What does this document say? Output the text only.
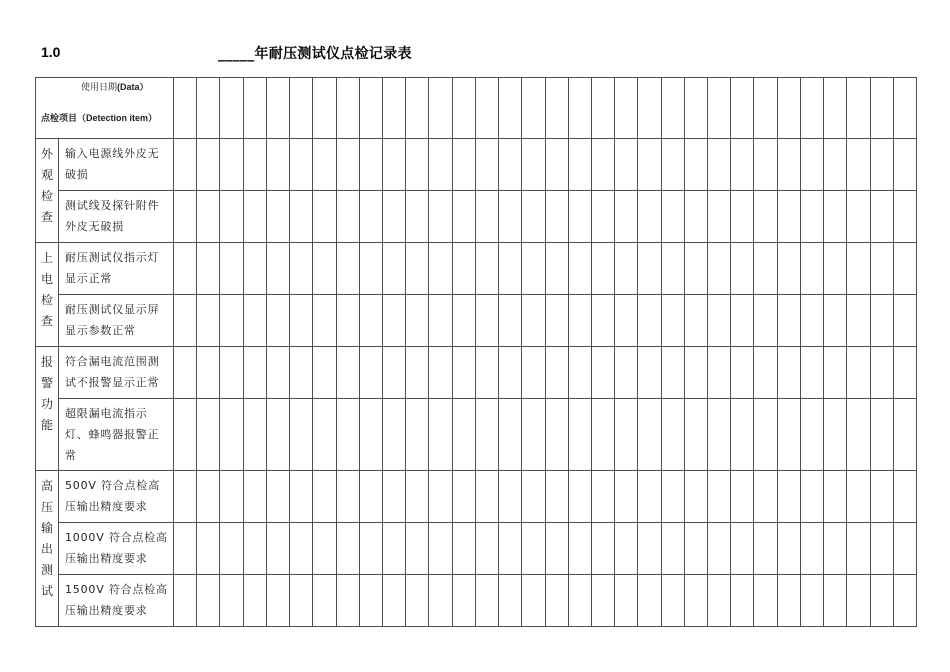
1.0	_____年耐压测试仪点检记录表
使用日期(Data）
点检项目（Detection item）																																	

外观检查	输入电源线外皮无破损																																
	测试线及探针附件外皮无破损																																

上电检查	耐压测试仪指示灯显示正常																																
	耐压测试仪显示屏显示参数正常																																

报警功能	符合漏电流范围测试不报警显示正常																																
	超限漏电流指示灯、蜂鸣器报警正常																																

高压输出测试	500V 符合点检高压输出精度要求																																
	1000V 符合点检高压输出精度要求																																
	1500V 符合点检高压输出精度要求																																
